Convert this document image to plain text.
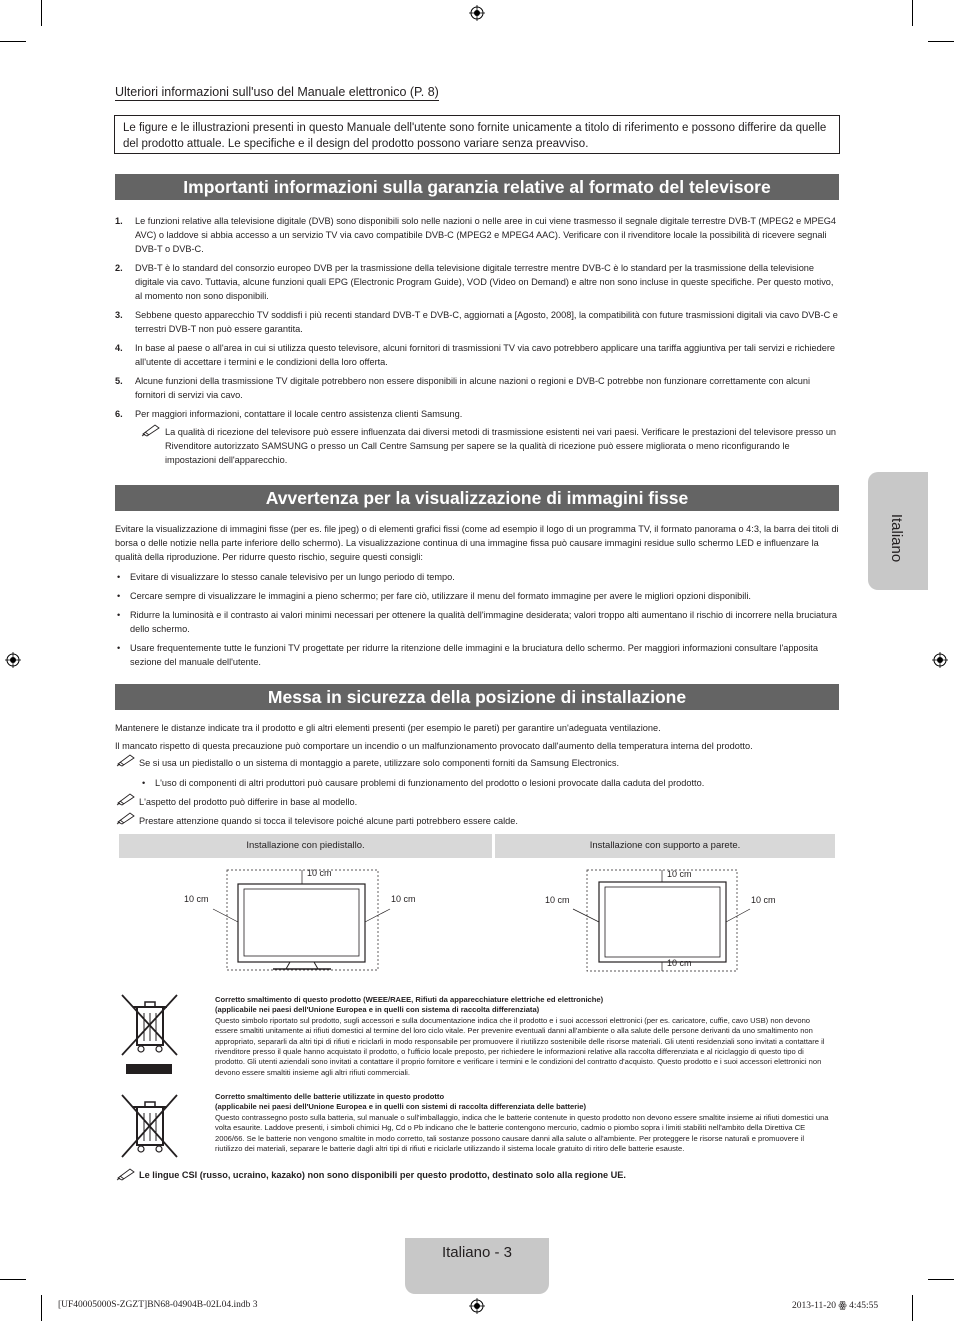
Ulteriori informazioni sull'uso del Manuale elettronico (P. 8)
Le figure e le illustrazioni presenti in questo Manuale dell'utente sono fornite unicamente a titolo di riferimento e possono differire da quelle del prodotto attuale. Le specifiche e il design del prodotto possono variare senza preavviso.
Importanti informazioni sulla garanzia relative al formato del televisore
1. Le funzioni relative alla televisione digitale (DVB) sono disponibili solo nelle nazioni o nelle aree in cui viene trasmesso il segnale digitale terrestre DVB-T (MPEG2 e MPEG4 AVC) o laddove si abbia accesso a un servizio TV via cavo compatibile DVB-C (MPEG2 e MPEG4 AAC). Verificare con il rivenditore locale la possibilità di ricevere segnali DVB-T o DVB-C.
2. DVB-T è lo standard del consorzio europeo DVB per la trasmissione della televisione digitale terrestre mentre DVB-C è lo standard per la trasmissione della televisione digitale via cavo. Tuttavia, alcune funzioni quali EPG (Electronic Program Guide), VOD (Video on Demand) e altre non sono incluse in queste specifiche. Per questo motivo, al momento non sono disponibili.
3. Sebbene questo apparecchio TV soddisfi i più recenti standard DVB-T e DVB-C, aggiornati a [Agosto, 2008], la compatibilità con future trasmissioni digitali via cavo DVB-C e terrestri DVB-T non può essere garantita.
4. In base al paese o all'area in cui si utilizza questo televisore, alcuni fornitori di trasmissioni TV via cavo potrebbero applicare una tariffa aggiuntiva per tali servizi e richiedere all'utente di accettare i termini e le condizioni della loro offerta.
5. Alcune funzioni della trasmissione TV digitale potrebbero non essere disponibili in alcune nazioni o regioni e DVB-C potrebbe non funzionare correttamente con alcuni fornitori di servizi via cavo.
6. Per maggiori informazioni, contattare il locale centro assistenza clienti Samsung.
La qualità di ricezione del televisore può essere influenzata dai diversi metodi di trasmissione esistenti nei vari paesi. Verificare le prestazioni del televisore presso un Rivenditore autorizzato SAMSUNG o presso un Call Centre Samsung per sapere se la qualità di ricezione può essere migliorata o meno riconfigurando le impostazioni dell'apparecchio.
Avvertenza per la visualizzazione di immagini fisse
Evitare la visualizzazione di immagini fisse (per es. file jpeg) o di elementi grafici fissi (come ad esempio il logo di un programma TV, il formato panorama o 4:3, la barra dei titoli di borsa o delle notizie nella parte inferiore dello schermo). La visualizzazione continua di una immagine fissa può causare immagini residue sullo schermo LED e influenzare la qualità della riproduzione. Per ridurre questo rischio, seguire questi consigli:
• Evitare di visualizzare lo stesso canale televisivo per un lungo periodo di tempo.
• Cercare sempre di visualizzare le immagini a pieno schermo; per fare ciò, utilizzare il menu del formato immagine per avere le migliori opzioni disponibili.
• Ridurre la luminosità e il contrasto ai valori minimi necessari per ottenere la qualità dell'immagine desiderata; valori troppo alti aumentano il rischio di incorrere nella bruciatura dello schermo.
• Usare frequentemente tutte le funzioni TV progettate per ridurre la ritenzione delle immagini e la bruciatura dello schermo. Per maggiori informazioni consultare l'apposita sezione del manuale dell'utente.
Italiano
Messa in sicurezza della posizione di installazione
Mantenere le distanze indicate tra il prodotto e gli altri elementi presenti (per esempio le pareti) per garantire un'adeguata ventilazione.
Il mancato rispetto di questa precauzione può comportare un incendio o un malfunzionamento provocato dall'aumento della temperatura interna del prodotto.
Se si usa un piedistallo o un sistema di montaggio a parete, utilizzare solo componenti forniti da Samsung Electronics.
• L'uso di componenti di altri produttori può causare problemi di funzionamento del prodotto o lesioni provocate dalla caduta del prodotto.
L'aspetto del prodotto può differire in base al modello.
Prestare attenzione quando si tocca il televisore poiché alcune parti potrebbero essere calde.
Installazione con piedistallo.	Installazione con supporto a parete.
10 cm
10 cm	10 cm
10 cm
10 cm	10 cm
10 cm
Corretto smaltimento di questo prodotto (WEEE/RAEE, Rifiuti da apparecchiature elettriche ed elettroniche)
(applicabile nei paesi dell'Unione Europea e in quelli con sistema di raccolta differenziata)
Questo simbolo riportato sul prodotto, sugli accessori e sulla documentazione indica che il prodotto e i suoi accessori elettronici (per es. caricatore, cuffie, cavo USB) non devono essere smaltiti unitamente ai rifiuti domestici al termine del loro ciclo vitale. Per prevenire eventuali danni all'ambiente o alla salute delle persone derivanti da uno smaltimento non appropriato, separarli da altri tipi di rifiuti e riciclarli in modo responsabile per promuovere il riutilizzo sostenibile delle risorse materiali. Gli utenti residenziali sono invitati a contattare il rivenditore presso il quale hanno acquistato il prodotto, o l'ufficio locale preposto, per richiedere le informazioni relative alla raccolta differenziata e al riciclaggio di questo tipo di prodotto. Gli utenti aziendali sono invitati a contattare il proprio fornitore e verificare i termini e le condizioni del contratto d'acquisto. Questo prodotto e i suoi accessori elettronici non devono essere smaltiti insieme agli altri rifiuti commerciali.
Corretto smaltimento delle batterie utilizzate in questo prodotto
(applicabile nei paesi dell'Unione Europea e in quelli con sistemi di raccolta differenziata delle batterie)
Questo contrassegno posto sulla batteria, sul manuale o sull'imballaggio, indica che le batterie contenute in questo prodotto non devono essere smaltite insieme ai rifiuti domestici una volta esaurite. Laddove presenti, i simboli chimici Hg, Cd o Pb indicano che le batterie contengono mercurio, cadmio o piombo sopra i limiti stabiliti nell'ambito della Direttiva CE 2006/66. Se le batterie non vengono smaltite in modo corretto, tali sostanze possono causare danni alla salute o all'ambiente. Per proteggere le risorse naturali e promuovere il riutilizzo dei materiali, separare le batterie dagli altri tipi di rifiuti e riciclarle utilizzando il sistema locale gratuito di ritiro delle batterie esauste.
Le lingue CSI (russo, ucraino, kazako) non sono disponibili per questo prodotto, destinato solo alla regione UE.
Italiano - 3
[UF40005000S-ZGZT]BN68-04904B-02L04.indb 3	2013-11-20 ꙮ 4:45:55
